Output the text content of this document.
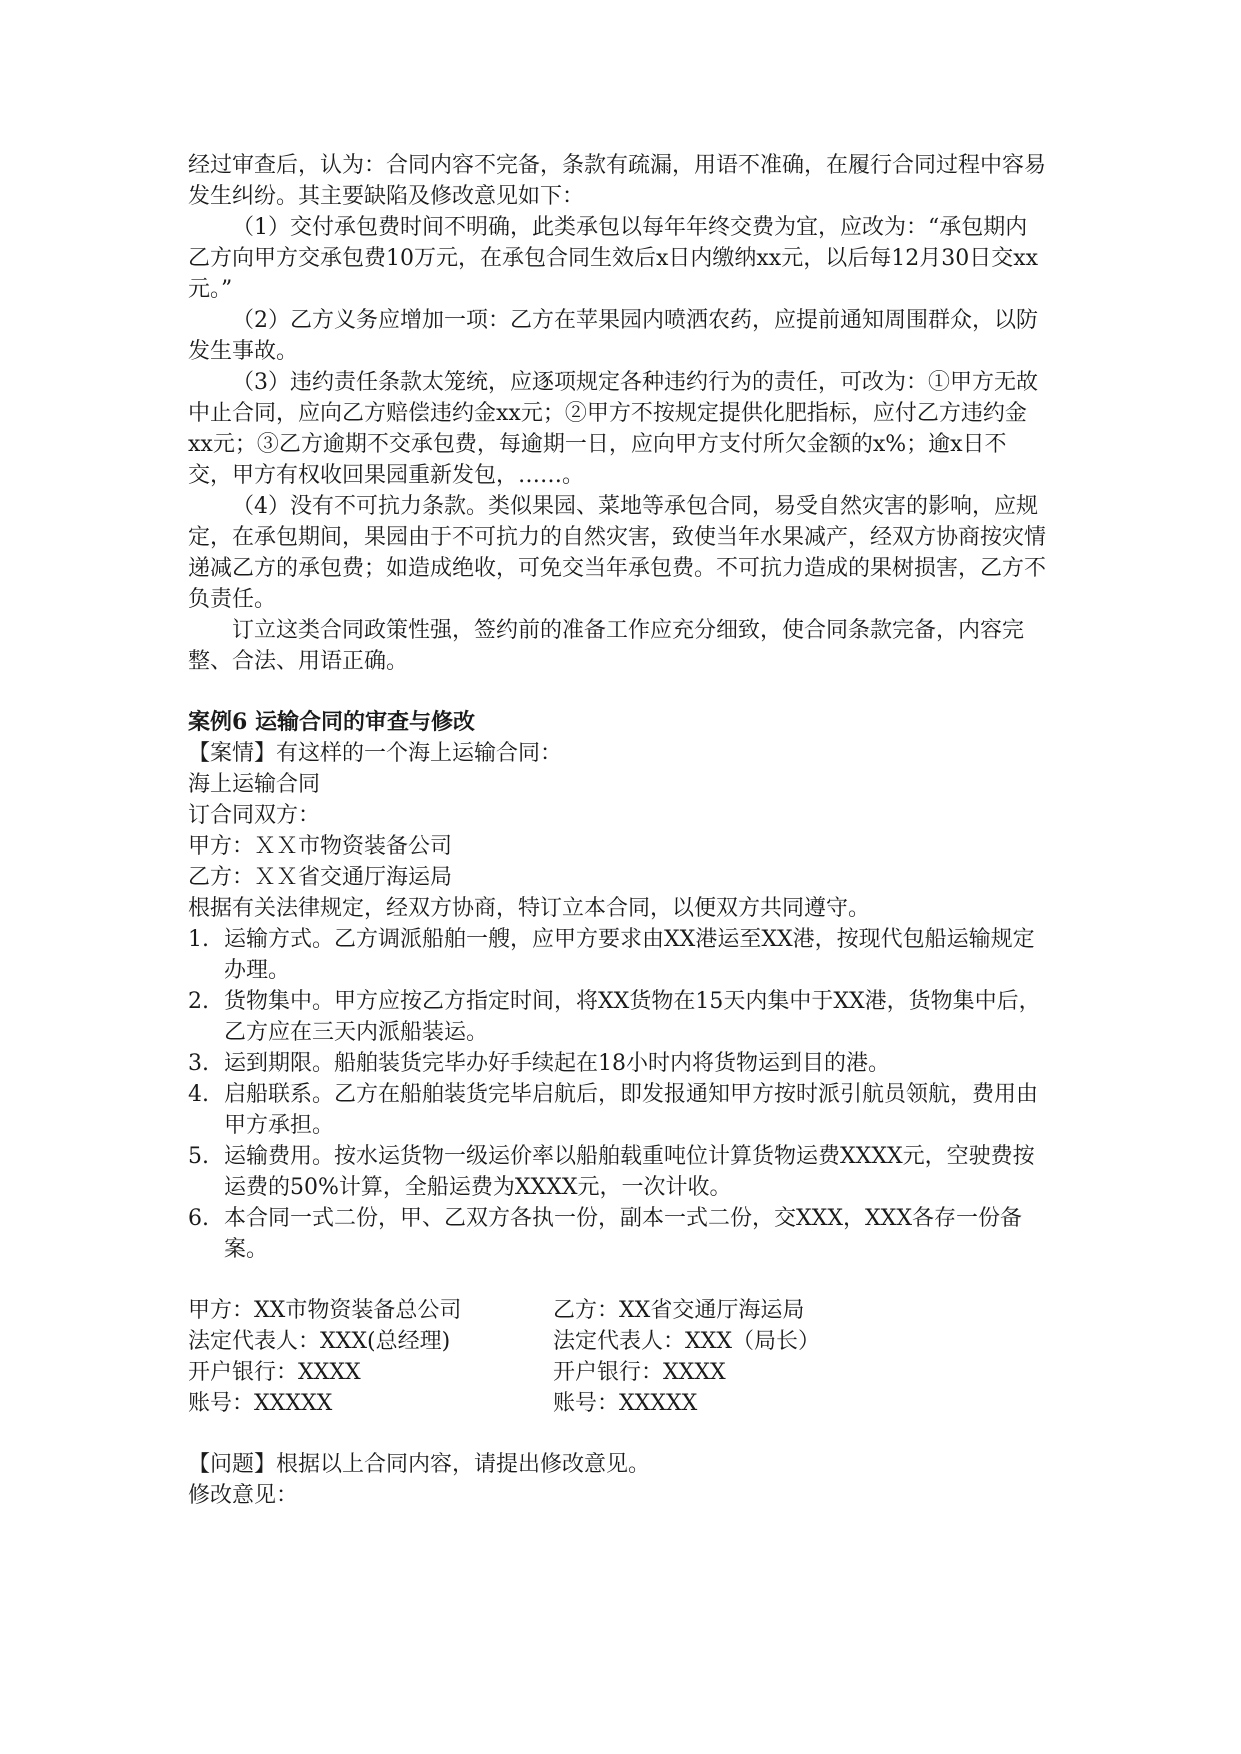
经过审查后，认为：合同内容不完备，条款有疏漏，用语不准确，在履行合同过程中容易发生纠纷。其主要缺陷及修改意见如下：

（1）交付承包费时间不明确，此类承包以每年年终交费为宜，应改为：“承包期内乙方向甲方交承包费10万元，在承包合同生效后x日内缴纳xx元，以后每12月30日交xx元。”

（2）乙方义务应增加一项：乙方在苹果园内喷洒农药，应提前通知周围群众，以防发生事故。

（3）违约责任条款太笼统，应逐项规定各种违约行为的责任，可改为：①甲方无故中止合同，应向乙方赔偿违约金xx元；②甲方不按规定提供化肥指标，应付乙方违约金xx元；③乙方逾期不交承包费，每逾期一日，应向甲方支付所欠金额的x%；逾x日不交，甲方有权收回果园重新发包，……。

（4）没有不可抗力条款。类似果园、菜地等承包合同，易受自然灾害的影响，应规定，在承包期间，果园由于不可抗力的自然灾害，致使当年水果减产，经双方协商按灾情递减乙方的承包费；如造成绝收，可免交当年承包费。不可抗力造成的果树损害，乙方不负责任。

订立这类合同政策性强，签约前的准备工作应充分细致，使合同条款完备，内容完整、合法、用语正确。

案例6 运输合同的审查与修改

【案情】有这样的一个海上运输合同：

海上运输合同

订合同双方：

甲方：ＸＸ市物资装备公司

乙方：ＸＸ省交通厅海运局

根据有关法律规定，经双方协商，特订立本合同，以便双方共同遵守。

1. 运输方式。乙方调派船舶一艘，应甲方要求由XX港运至XX港，按现代包船运输规定办理。
2. 货物集中。甲方应按乙方指定时间，将XX货物在15天内集中于XX港，货物集中后，乙方应在三天内派船装运。
3. 运到期限。船舶装货完毕办好手续起在18小时内将货物运到目的港。
4. 启船联系。乙方在船舶装货完毕启航后，即发报通知甲方按时派引航员领航，费用由甲方承担。
5. 运输费用。按水运货物一级运价率以船舶载重吨位计算货物运费XXXX元，空驶费按运费的50%计算，全船运费为XXXX元，一次计收。
6. 本合同一式二份，甲、乙双方各执一份，副本一式二份，交XXX，XXX各存一份备案。
甲方：XX市物资装备总公司	乙方：XX省交通厅海运局
法定代表人：XXX(总经理)	法定代表人：XXX（局长）
开户银行：XXXX	开户银行：XXXX
账号：XXXXX	账号：XXXXX

【问题】根据以上合同内容，请提出修改意见。

修改意见：
